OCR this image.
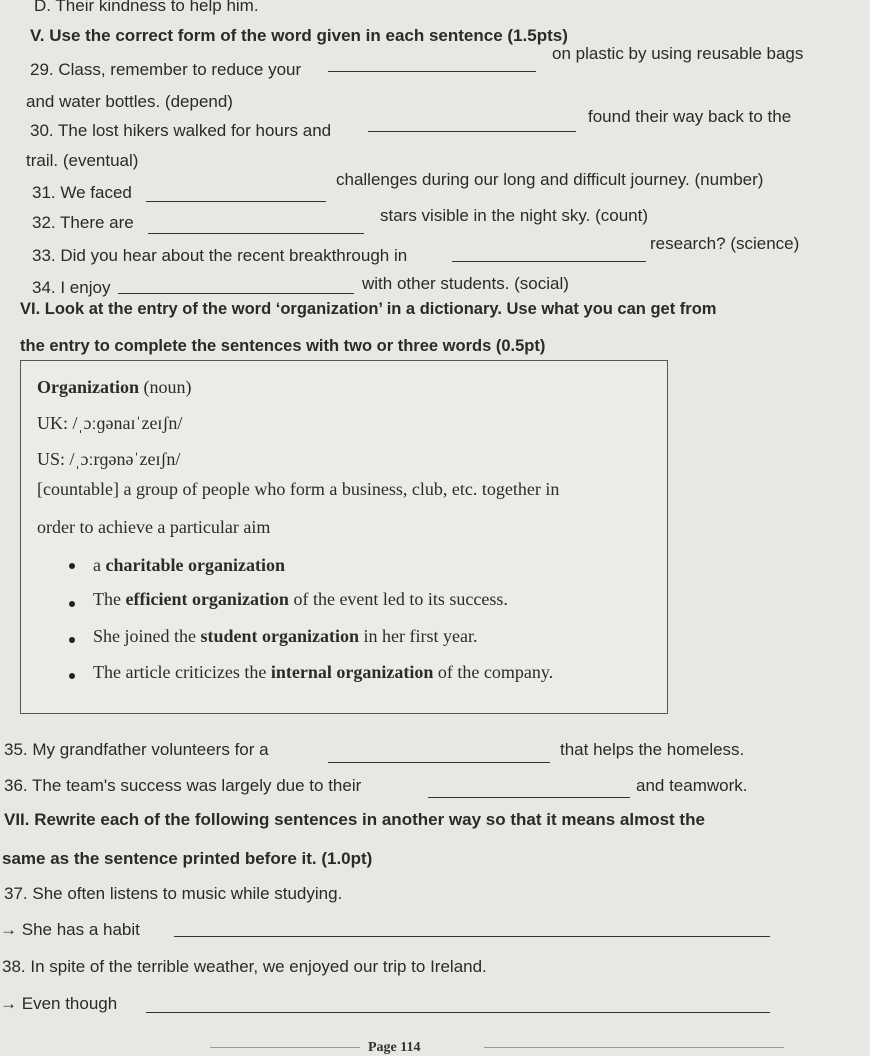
D. Their kindness to help him.
V. Use the correct form of the word given in each sentence (1.5pts)
29. Class, remember to reduce your
on plastic by using reusable bags
and water bottles. (depend)
30. The lost hikers walked for hours and
found their way back to the
trail. (eventual)
31. We faced
challenges during our long and difficult journey. (number)
32. There are	stars visible in the night sky. (count)
33. Did you hear about the recent breakthrough in
research? (science)
34. I enjoy	with other students. (social)
VI. Look at the entry of the word ‘organization’ in a dictionary. Use what you can get from
the entry to complete the sentences with two or three words (0.5pt)
Organization (noun)
UK: /ˌɔːɡənaɪˈzeɪʃn/
US: /ˌɔːrɡənəˈzeɪʃn/
[countable] a group of people who form a business, club, etc. together in
order to achieve a particular aim
a charitable organization
The efficient organization of the event led to its success.
She joined the student organization in her first year.
The article criticizes the internal organization of the company.
35. My grandfather volunteers for a	that helps the homeless.
36. The team's success was largely due to their	and teamwork.
VII. Rewrite each of the following sentences in another way so that it means almost the
same as the sentence printed before it. (1.0pt)
37. She often listens to music while studying.
→ She has a habit
38. In spite of the terrible weather, we enjoyed our trip to Ireland.
→ Even though
Page 114
